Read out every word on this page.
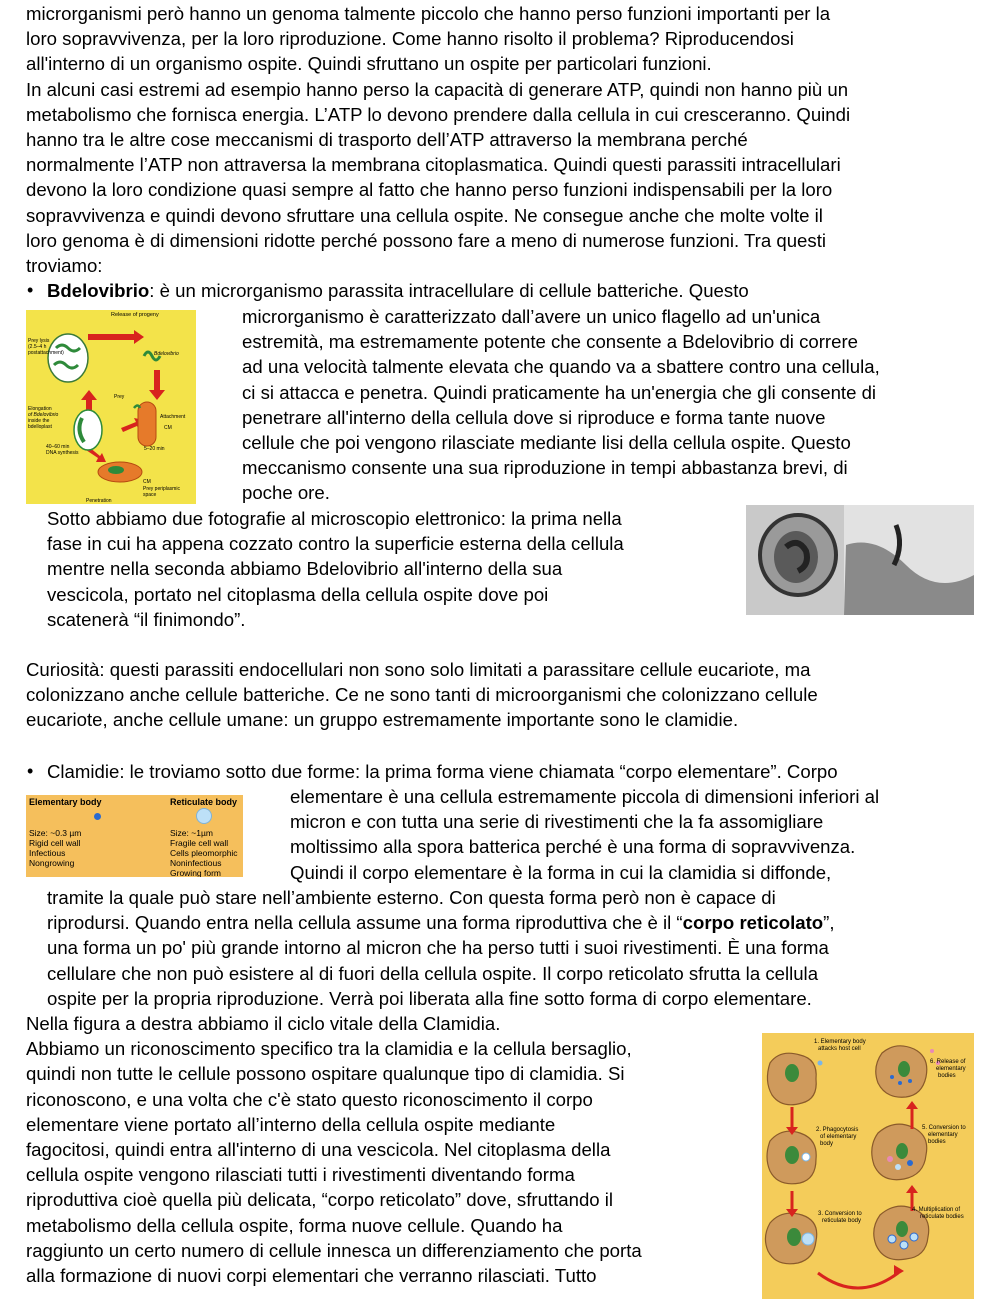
microrganismi però hanno un genoma talmente piccolo che hanno perso funzioni importanti per la
loro sopravvivenza, per la loro riproduzione. Come hanno risolto il problema? Riproducendosi
all'interno di un organismo ospite. Quindi sfruttano un ospite per particolari funzioni.
In alcuni casi estremi ad esempio hanno perso la capacità di generare ATP, quindi non hanno più un
metabolismo che fornisca energia. L’ATP lo devono prendere dalla cellula in cui cresceranno. Quindi
hanno tra le altre cose meccanismi di trasporto dell’ATP attraverso la membrana perché
normalmente l’ATP non attraversa la membrana citoplasmatica. Quindi questi parassiti intracellulari
devono la loro condizione quasi sempre al fatto che hanno perso funzioni indispensabili per la loro
sopravvivenza e quindi devono sfruttare una cellula ospite. Ne consegue anche che molte volte il
loro genoma è di dimensioni ridotte perché possono fare a meno di numerose funzioni. Tra questi
troviamo:
• Bdelovibrio: è un microrganismo parassita intracellulare di cellule batteriche. Questo
microrganismo è caratterizzato dall’avere un unico flagello ad un'unica
estremità, ma estremamente potente che consente a Bdelovibrio di correre
ad una velocità talmente elevata che quando va a sbattere contro una cellula,
ci si attacca e penetra. Quindi praticamente ha un'energia che gli consente di
penetrare all'interno della cellula dove si riproduce e forma tante nuove
cellule che poi vengono rilasciate mediante lisi della cellula ospite. Questo
meccanismo consente una sua riproduzione in tempi abbastanza brevi, di
poche ore.
Release of progeny
Prey lysis
(2.5–4 h
postattachment)	Bdelovibrio
Prey
Attachment
CM
Elongation
of Bdelovibrio
inside the
bdelloplast
40–60 min
DNA synthesis
5–20 min
CM
Prey periplasmic
space
Penetration
Sotto abbiamo due fotografie al microscopio elettronico: la prima nella
fase in cui ha appena cozzato contro la superficie esterna della cellula
mentre nella seconda abbiamo Bdelovibrio all'interno della sua
vescicola, portato nel citoplasma della cellula ospite dove poi
scatenerà “il finimondo”.
Curiosità: questi parassiti endocellulari non sono solo limitati a parassitare cellule eucariote, ma
colonizzano anche cellule batteriche. Ce ne sono tanti di microorganismi che colonizzano cellule
eucariote, anche cellule umane: un gruppo estremamente importante sono le clamidie.
• Clamidie: le troviamo sotto due forme: la prima forma viene chiamata “corpo elementare”. Corpo
elementare è una cellula estremamente piccola di dimensioni inferiori al
micron e con tutta una serie di rivestimenti che la fa assomigliare
moltissimo alla spora batterica perché è una forma di sopravvivenza.
Quindi il corpo elementare è la forma in cui la clamidia si diffonde,
Elementary body	Reticulate body
Size: ~0.3 µm
Rigid cell wall
Infectious
Nongrowing
Size: ~1µm
Fragile cell wall
Cells pleomorphic
Noninfectious
Growing form
tramite la quale può stare nell’ambiente esterno. Con questa forma però non è capace di
riprodursi. Quando entra nella cellula assume una forma riproduttiva che è il “corpo reticolato”,
una forma un po' più grande intorno al micron che ha perso tutti i suoi rivestimenti. È una forma
cellulare che non può esistere al di fuori della cellula ospite. Il corpo reticolato sfrutta la cellula
ospite per la propria riproduzione. Verrà poi liberata alla fine sotto forma di corpo elementare.
Nella figura a destra abbiamo il ciclo vitale della Clamidia.
Abbiamo un riconoscimento specifico tra la clamidia e la cellula bersaglio,
quindi non tutte le cellule possono ospitare qualunque tipo di clamidia. Si
riconoscono, e una volta che c'è stato questo riconoscimento il corpo
elementare viene portato all’interno della cellula ospite mediante
fagocitosi, quindi entra all'interno di una vescicola. Nel citoplasma della
cellula ospite vengono rilasciati tutti i rivestimenti diventando forma
riproduttiva cioè quella più delicata, “corpo reticolato” dove, sfruttando il
metabolismo della cellula ospite, forma nuove cellule. Quando ha
raggiunto un certo numero di cellule innesca un differenziamento che porta
alla formazione di nuovi corpi elementari che verranno rilasciati. Tutto
1. Elementary body
attacks host cell
2. Phagocytosis
of elementary
body
3. Conversion to
reticulate body
4. Multiplication of
reticulate bodies
5. Conversion to
elementary
bodies
6. Release of
elementary
bodies
